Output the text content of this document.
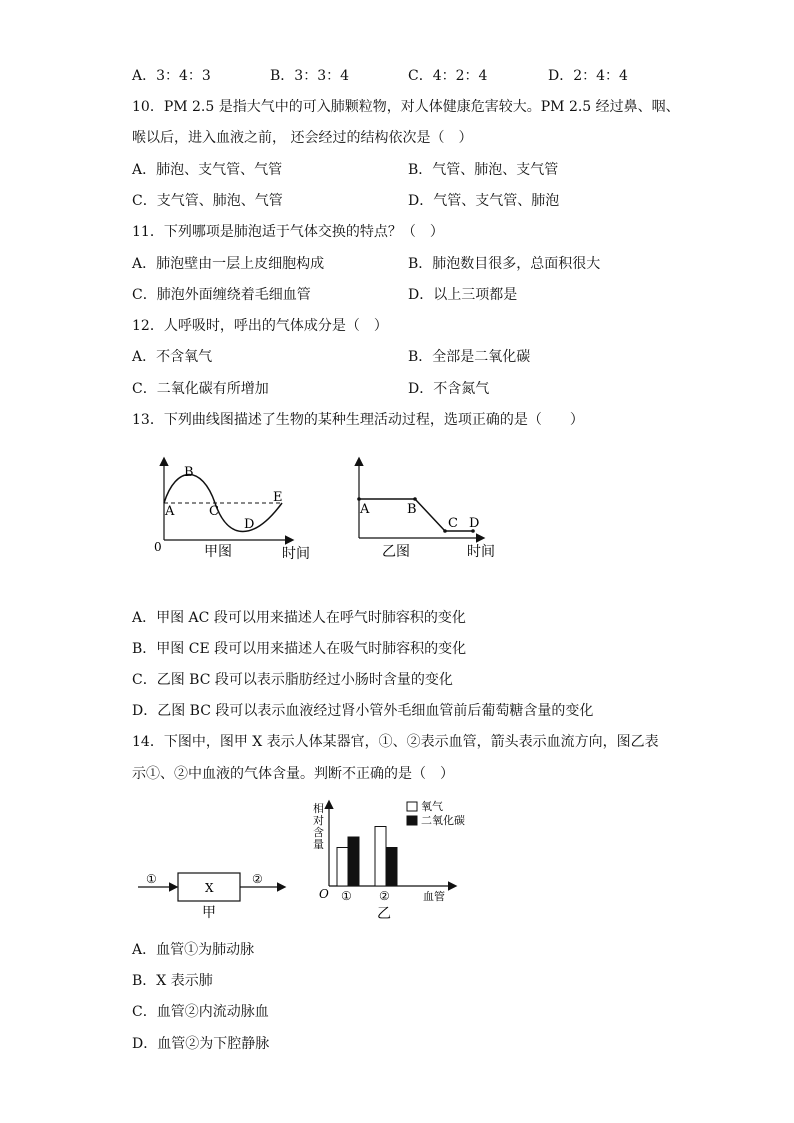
A．3：4：3	B．3：3：4	C．4：2：4	D．2：4：4
10．PM 2.5 是指大气中的可入肺颗粒物，对人体健康危害较大。PM 2.5 经过鼻、咽、
喉以后，进入血液之前， 还会经过的结构依次是（　）
A．肺泡、支气管、气管	B．气管、肺泡、支气管
C．支气管、肺泡、气管	D．气管、支气管、肺泡
11．下列哪项是肺泡适于气体交换的特点？（　）
A．肺泡壁由一层上皮细胞构成	B．肺泡数目很多，总面积很大
C．肺泡外面缠绕着毛细血管	D．以上三项都是
12．人呼吸时，呼出的气体成分是（　）
A．不含氧气	B．全部是二氧化碳
C．二氧化碳有所增加	D．不含氮气
13．下列曲线图描述了生物的某种生理活动过程，选项正确的是（　　）
0
A
B
C
D
E
甲图	时间
A	B
C D
乙图	时间
A．甲图 AC 段可以用来描述人在呼气时肺容积的变化
B．甲图 CE 段可以用来描述人在吸气时肺容积的变化
C．乙图 BC 段可以表示脂肪经过小肠时含量的变化
D．乙图 BC 段可以表示血液经过肾小管外毛细血管前后葡萄糖含量的变化
14．下图中，图甲 X 表示人体某器官，①、②表示血管，箭头表示血流方向，图乙表
示①、②中血液的气体含量。判断不正确的是（　）
①
X
②
甲
相对含量
O	血管
乙
① ②
氧气
二氧化碳
A．血管①为肺动脉
B．X 表示肺
C．血管②内流动脉血
D．血管②为下腔静脉
